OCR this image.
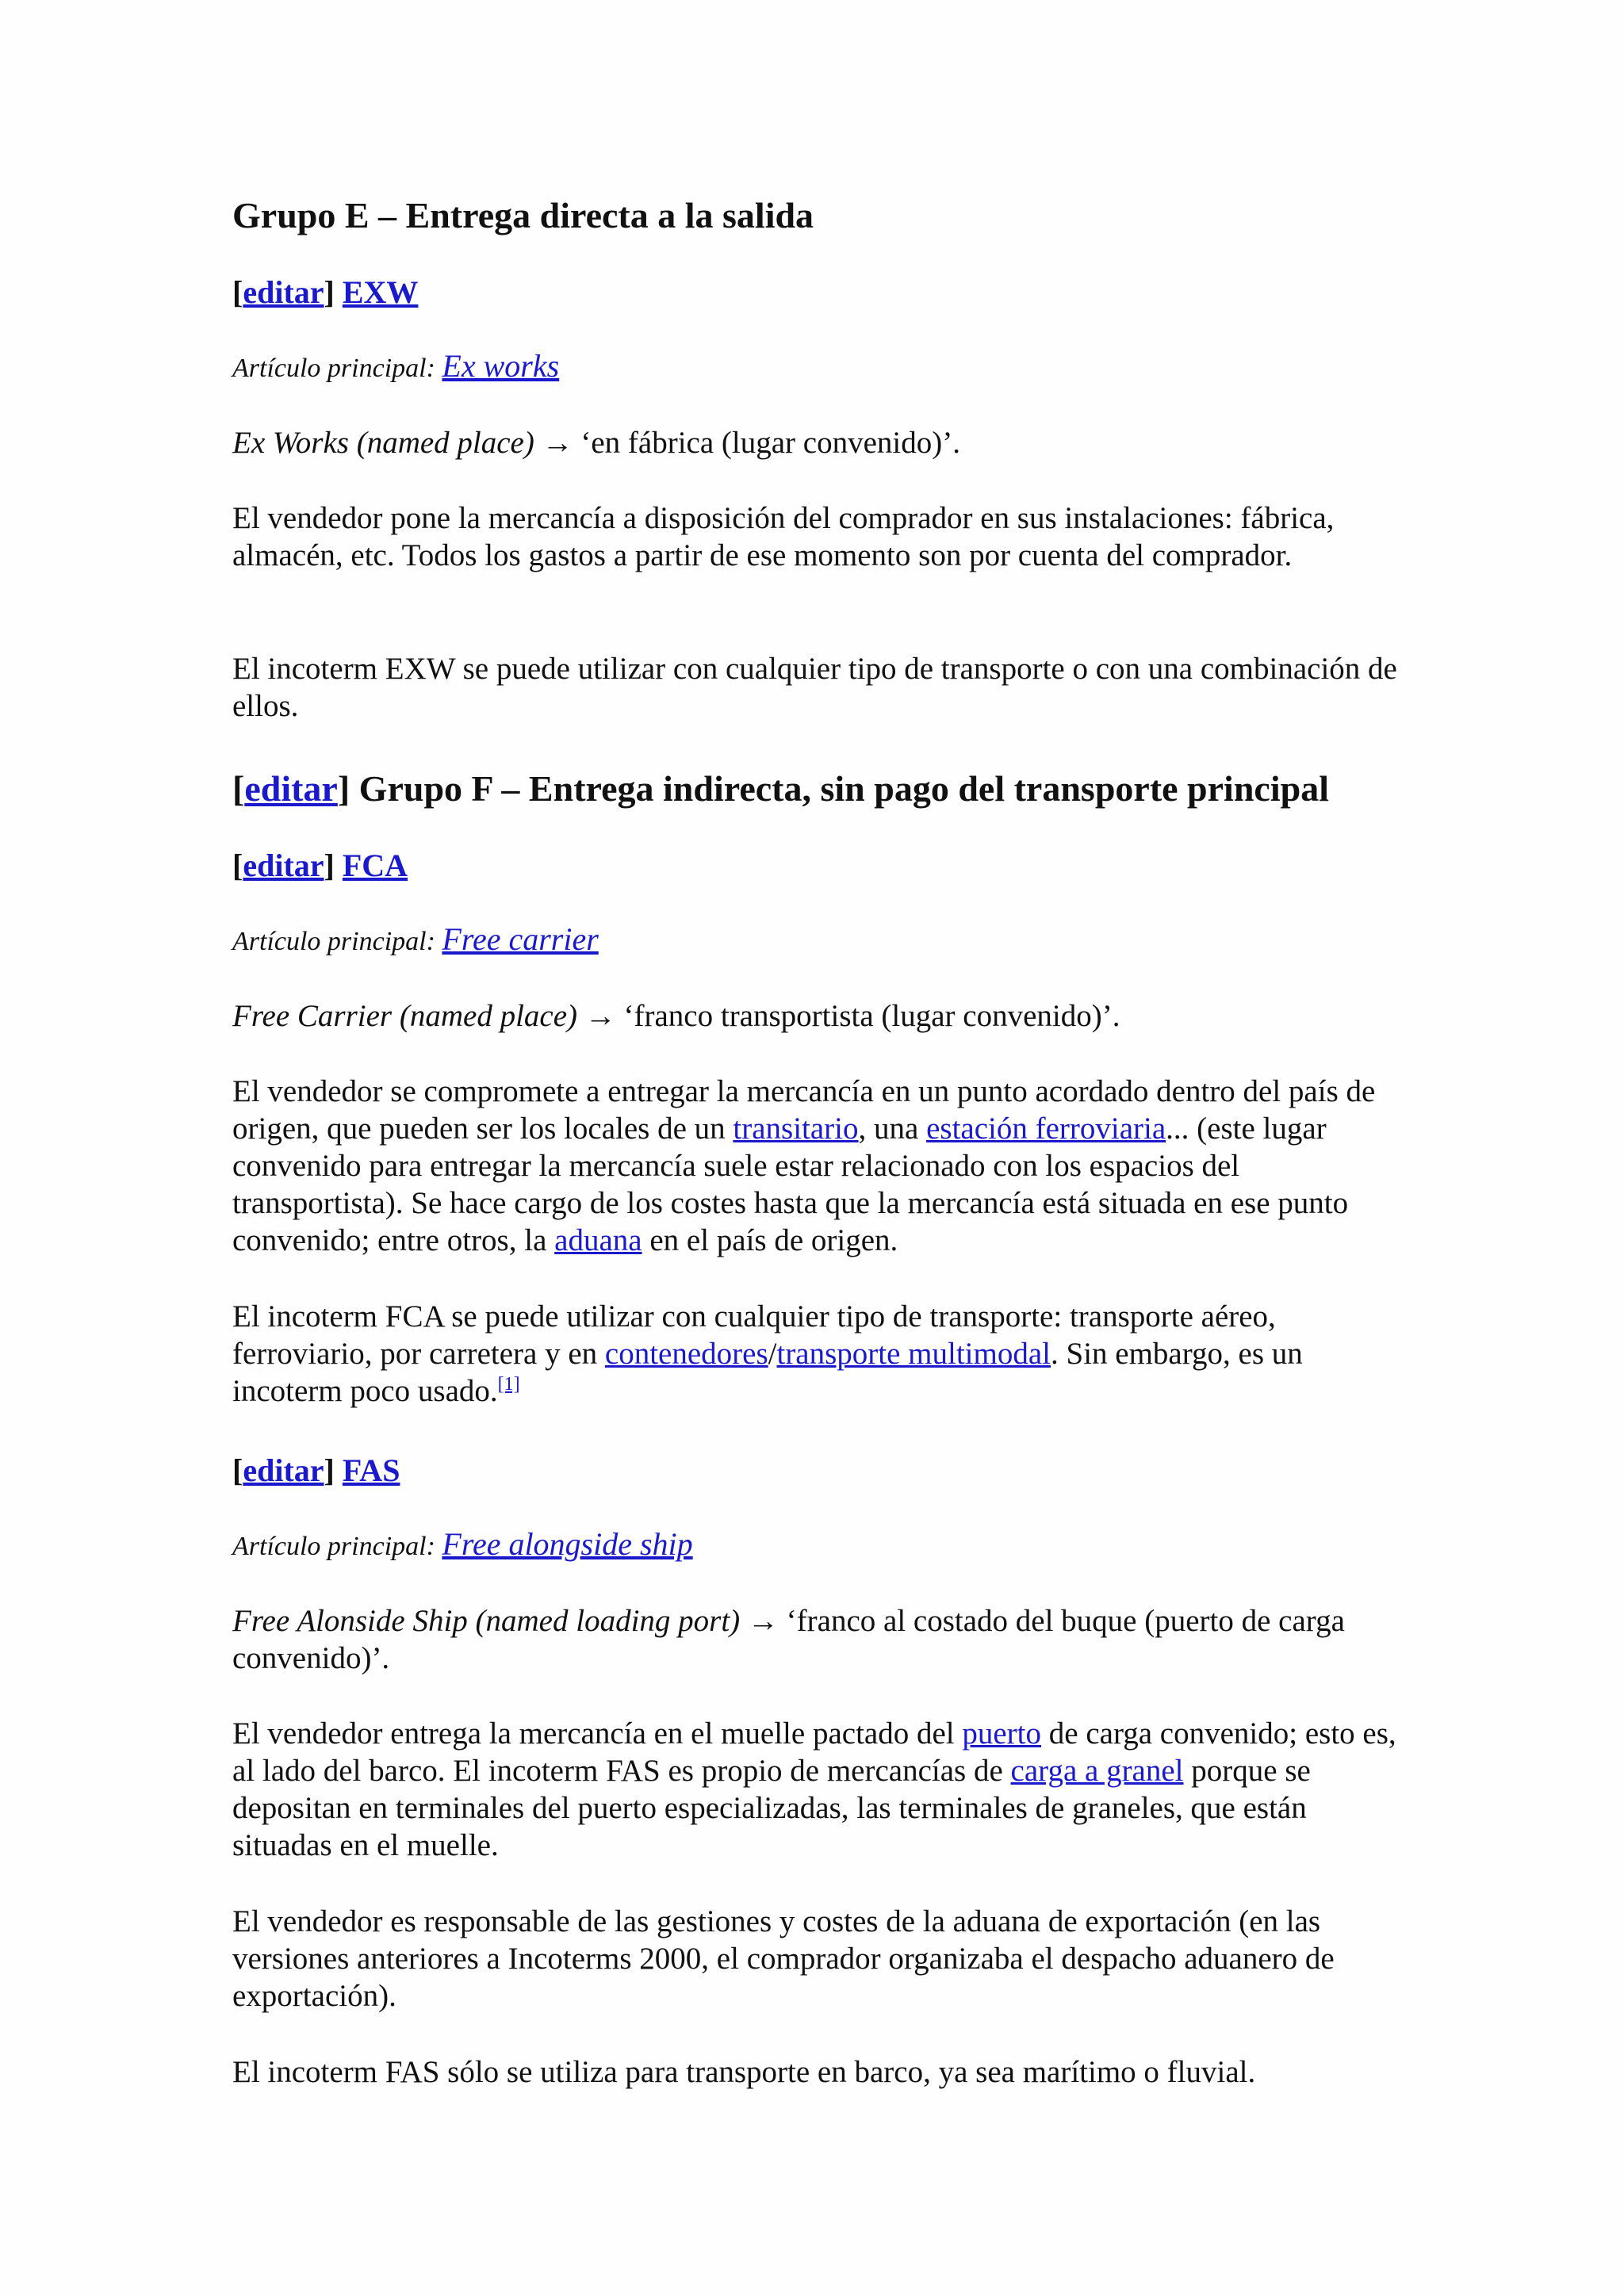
Grupo E – Entrega directa a la salida
[editar] EXW

Artículo principal: Ex works

Ex Works (named place) → ‘en fábrica (lugar convenido)’.

El vendedor pone la mercancía a disposición del comprador en sus instalaciones: fábrica, almacén, etc. Todos los gastos a partir de ese momento son por cuenta del comprador.

El incoterm EXW se puede utilizar con cualquier tipo de transporte o con una combinación de ellos.

[editar] Grupo F – Entrega indirecta, sin pago del transporte principal
[editar] FCA

Artículo principal: Free carrier

Free Carrier (named place) → ‘franco transportista (lugar convenido)’.

El vendedor se compromete a entregar la mercancía en un punto acordado dentro del país de origen, que pueden ser los locales de un transitario, una estación ferroviaria... (este lugar convenido para entregar la mercancía suele estar relacionado con los espacios del transportista). Se hace cargo de los costes hasta que la mercancía está situada en ese punto convenido; entre otros, la aduana en el país de origen.

El incoterm FCA se puede utilizar con cualquier tipo de transporte: transporte aéreo, ferroviario, por carretera y en contenedores/transporte multimodal. Sin embargo, es un incoterm poco usado.[1]

[editar] FAS

Artículo principal: Free alongside ship

Free Alonside Ship (named loading port) → ‘franco al costado del buque (puerto de carga convenido)’.

El vendedor entrega la mercancía en el muelle pactado del puerto de carga convenido; esto es, al lado del barco. El incoterm FAS es propio de mercancías de carga a granel porque se depositan en terminales del puerto especializadas, las terminales de graneles, que están situadas en el muelle.

El vendedor es responsable de las gestiones y costes de la aduana de exportación (en las versiones anteriores a Incoterms 2000, el comprador organizaba el despacho aduanero de exportación).

El incoterm FAS sólo se utiliza para transporte en barco, ya sea marítimo o fluvial.
